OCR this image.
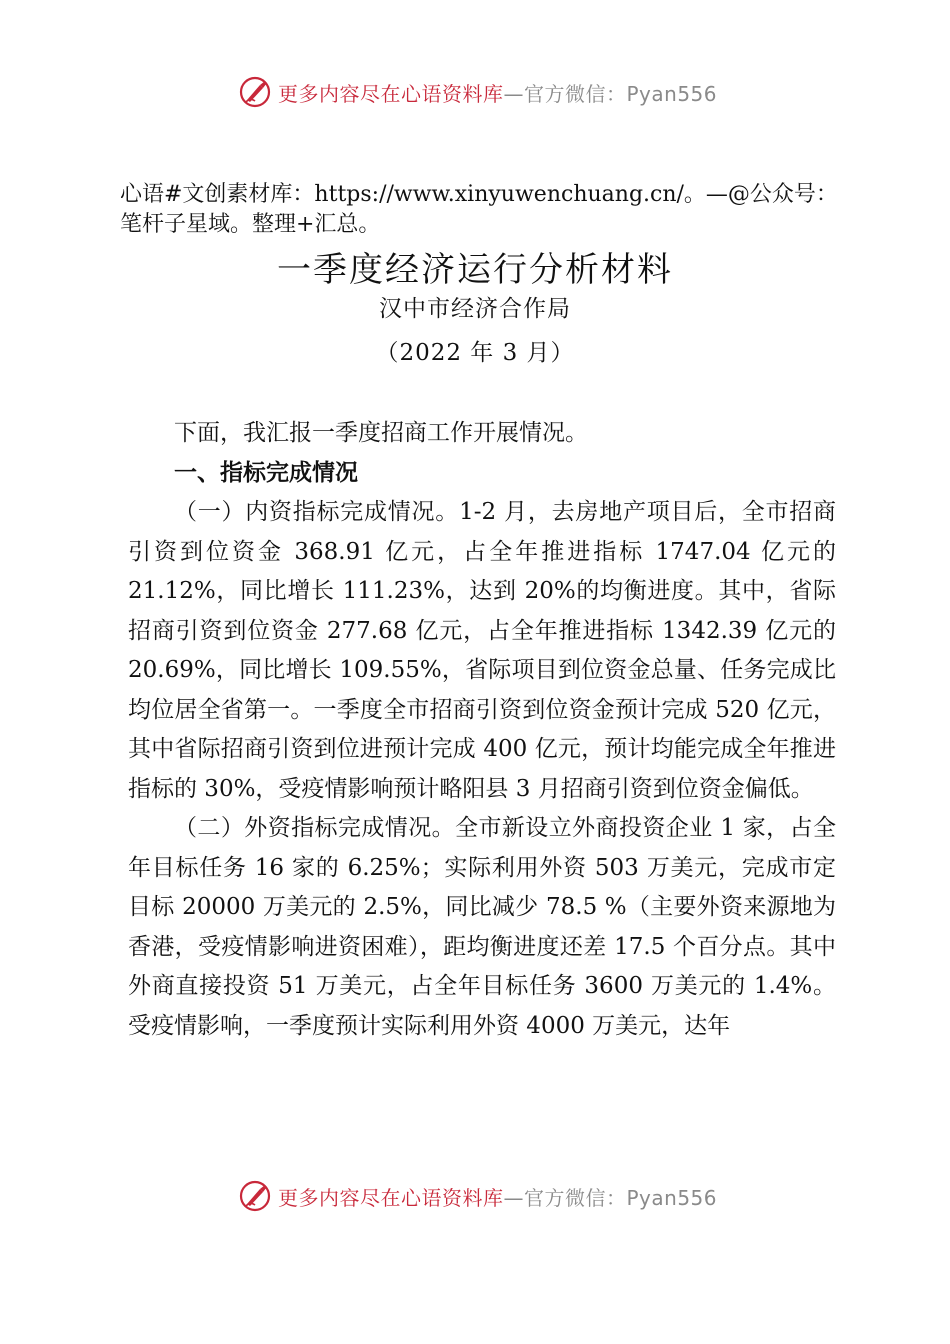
更多内容尽在心语资料库—官方微信：Pyan556
心语#文创素材库：https://www.xinyuwenchuang.cn/。—@公众号：笔杆子星域。整理+汇总。
一季度经济运行分析材料
汉中市经济合作局
（2022 年 3 月）

下面，我汇报一季度招商工作开展情况。

一、指标完成情况

（一）内资指标完成情况。1-2 月，去房地产项目后，全市招商引资到位资金 368.91 亿元，占全年推进指标 1747.04 亿元的 21.12%，同比增长 111.23%，达到 20%的均衡进度。其中，省际招商引资到位资金 277.68 亿元，占全年推进指标 1342.39 亿元的 20.69%，同比增长 109.55%，省际项目到位资金总量、任务完成比均位居全省第一。一季度全市招商引资到位资金预计完成 520 亿元，其中省际招商引资到位进预计完成 400 亿元，预计均能完成全年推进指标的 30%，受疫情影响预计略阳县 3 月招商引资到位资金偏低。

（二）外资指标完成情况。全市新设立外商投资企业 1 家，占全年目标任务 16 家的 6.25%；实际利用外资 503 万美元，完成市定目标 20000 万美元的 2.5%，同比减少 78.5 %（主要外资来源地为香港，受疫情影响进资困难），距均衡进度还差 17.5 个百分点。其中外商直接投资 51 万美元，占全年目标任务 3600 万美元的 1.4%。受疫情影响，一季度预计实际利用外资 4000 万美元，达年

更多内容尽在心语资料库—官方微信：Pyan556
